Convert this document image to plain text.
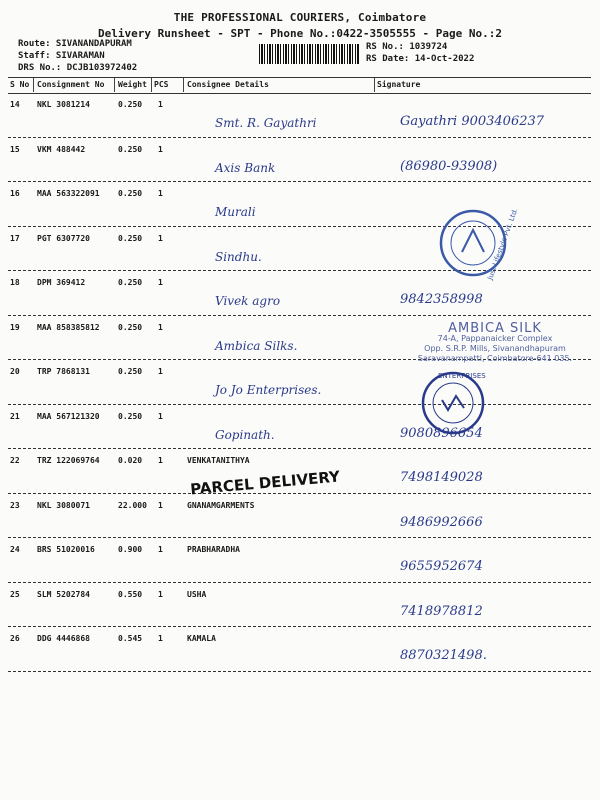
THE PROFESSIONAL COURIERS, Coimbatore
Delivery Runsheet - SPT - Phone No.:0422-3505555 - Page No.:2
Route: SIVANANDAPURAM
Staff: SIVARAMAN
DRS No.: DCJB103972402
RS No.: 1039724
RS Date: 14-Oct-2022
S No Consignment No Weight PCS Consignee Details	Signature
14 NKL 3081214	0.250 1
Smt. R. Gayathri	Gayathri 9003406237
15 VKM 488442	0.250 1
Axis Bank	(86980-93908)
16 MAA 563322091 0.250 1
Murali
17 PGT 6307720	0.250 1
Sindhu.
18 DPM 369412	0.250 1
Vivek agro	9842358998
19 MAA 858385812 0.250 1
Ambica Silks.
20 TRP 7868131	0.250 1
Jo Jo Enterprises.
21 MAA 567121320 0.250 1
Gopinath.	9080896654
22 TRZ 122069764 0.020 1	VENKATANITHYA
7498149028
23 NKL 3080071	22.000 1	GNANAMGARMENTS
9486992666
24 BRS 51020016	0.900 1	PRABHARADHA
9655952674
25 SLM 5202784	0.550 1	USHA
7418978812
26 DDG 4446868	0.545 1	KAMALA
8870321498.
Just Lifestyle Pvt. Ltd.
AMBICA SILK
74-A, Pappanaicker Complex
Opp. S.R.P. Mills, Sivanandhapuram
Saravanampatti, Coimbatore-641 035.
ENTERPRISES
PARCEL DELIVERY
